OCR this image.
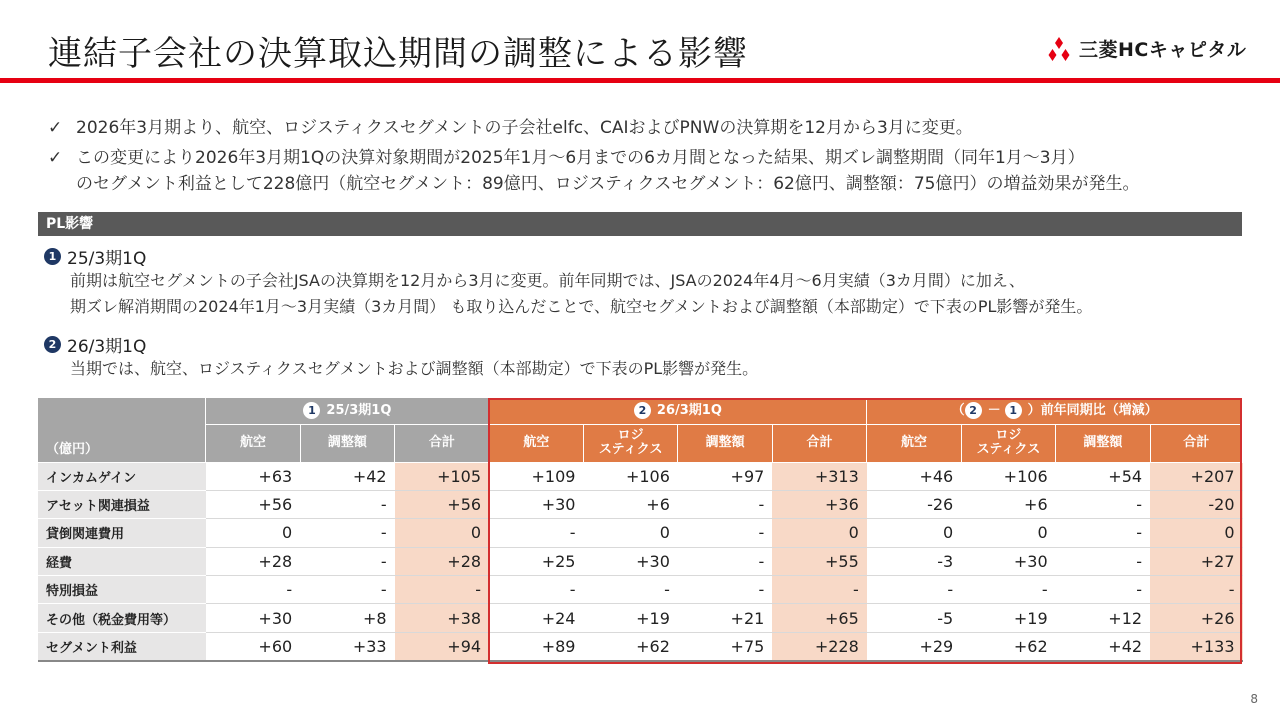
連結子会社の決算取込期間の調整による影響	三菱HCキャピタル
✓ 2026年3月期より、航空、ロジスティクスセグメントの子会社elfc、CAIおよびPNWの決算期を12月から3月に変更。
✓ この変更により2026年3月期1Qの決算対象期間が2025年1月～6月までの6カ月間となった結果、期ズレ調整期間（同年1月～3月）
のセグメント利益として228億円（航空セグメント：89億円、ロジスティクスセグメント：62億円、調整額：75億円）の増益効果が発生。
PL影響
1 25/3期1Q
前期は航空セグメントの子会社JSAの決算期を12月から3月に変更。前年同期では、JSAの2024年4月～6月実績（3カ月間）に加え、
期ズレ解消期間の2024年1月～3月実績（3カ月間） も取り込んだことで、航空セグメントおよび調整額（本部勘定）で下表のPL影響が発生。
2 26/3期1Q
当期では、航空、ロジスティクスセグメントおよび調整額（本部勘定）で下表のPL影響が発生。
（億円）	1 25/3期1Q			2 26/3期1Q				（ 2 － 1 ）前年同期比（増減）			
	航空	調整額	合計	航空	ロジ
スティクス	調整額	合計	航空	ロジ
スティクス	調整額	合計
インカムゲイン	+63	+42	+105	+109	+106	+97	+313	+46	+106	+54	+207
アセット関連損益	+56	-	+56	+30	+6	-	+36	-26	+6	-	-20
貸倒関連費用	0	-	0	-	0	-	0	0	0	-	0
経費	+28	-	+28	+25	+30	-	+55	-3	+30	-	+27
特別損益	-	-	-	-	-	-	-	-	-	-	-
その他（税金費用等）	+30	+8	+38	+24	+19	+21	+65	-5	+19	+12	+26
セグメント利益	+60	+33	+94	+89	+62	+75	+228	+29	+62	+42	+133
8
